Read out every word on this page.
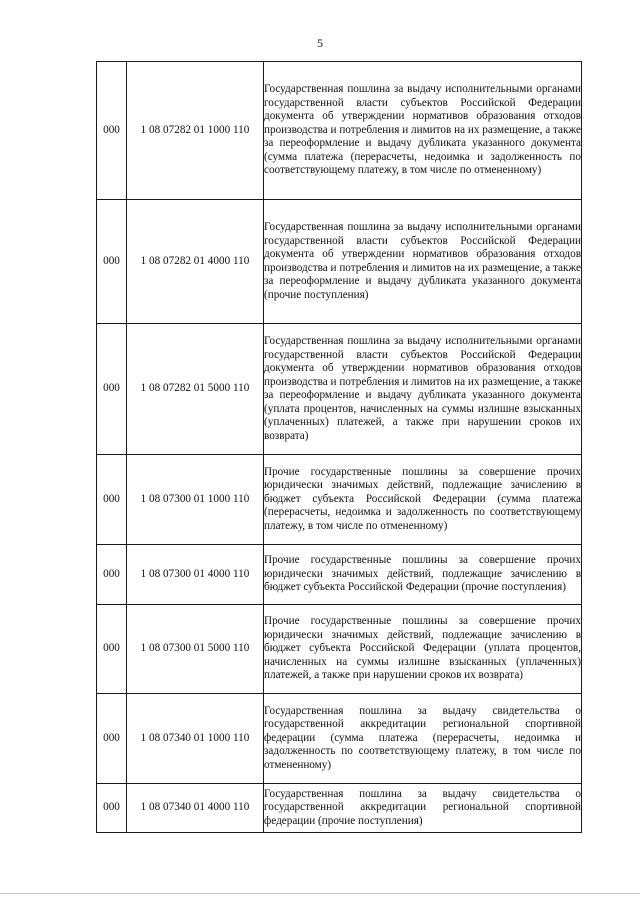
5
000	1 08 07282 01 1000 110	Государственная пошлина за выдачу исполнительными органами государственной власти субъектов Российской Федерации документа об утверждении нормативов образования отходов производства и потребления и лимитов на их размещение, а также за переоформление и выдачу дубликата указанного документа (сумма платежа (перерасчеты, недоимка и задолженность по соответствующему платежу, в том числе по отмененному)
000	1 08 07282 01 4000 110	Государственная пошлина за выдачу исполнительными органами государственной власти субъектов Российской Федерации документа об утверждении нормативов образования отходов производства и потребления и лимитов на их размещение, а также за переоформление и выдачу дубликата указанного документа (прочие поступления)
000	1 08 07282 01 5000 110	Государственная пошлина за выдачу исполнительными органами государственной власти субъектов Российской Федерации документа об утверждении нормативов образования отходов производства и потребления и лимитов на их размещение, а также за переоформление и выдачу дубликата указанного документа (уплата процентов, начисленных на суммы излишне взысканных (уплаченных) платежей, а также при нарушении сроков их возврата)
000	1 08 07300 01 1000 110	Прочие государственные пошлины за совершение прочих юридически значимых действий, подлежащие зачислению в бюджет субъекта Российской Федерации (сумма платежа (перерасчеты, недоимка и задолженность по соответствующему платежу, в том числе по отмененному)
000	1 08 07300 01 4000 110	Прочие государственные пошлины за совершение прочих юридически значимых действий, подлежащие зачислению в бюджет субъекта Российской Федерации (прочие поступления)
000	1 08 07300 01 5000 110	Прочие государственные пошлины за совершение прочих юридически значимых действий, подлежащие зачислению в бюджет субъекта Российской Федерации (уплата процентов, начисленных на суммы излишне взысканных (уплаченных) платежей, а также при нарушении сроков их возврата)
000	1 08 07340 01 1000 110	Государственная пошлина за выдачу свидетельства о государственной аккредитации региональной спортивной федерации (сумма платежа (перерасчеты, недоимка и задолженность по соответствующему платежу, в том числе по отмененному)
000	1 08 07340 01 4000 110	Государственная пошлина за выдачу свидетельства о государственной аккредитации региональной спортивной федерации (прочие поступления)
